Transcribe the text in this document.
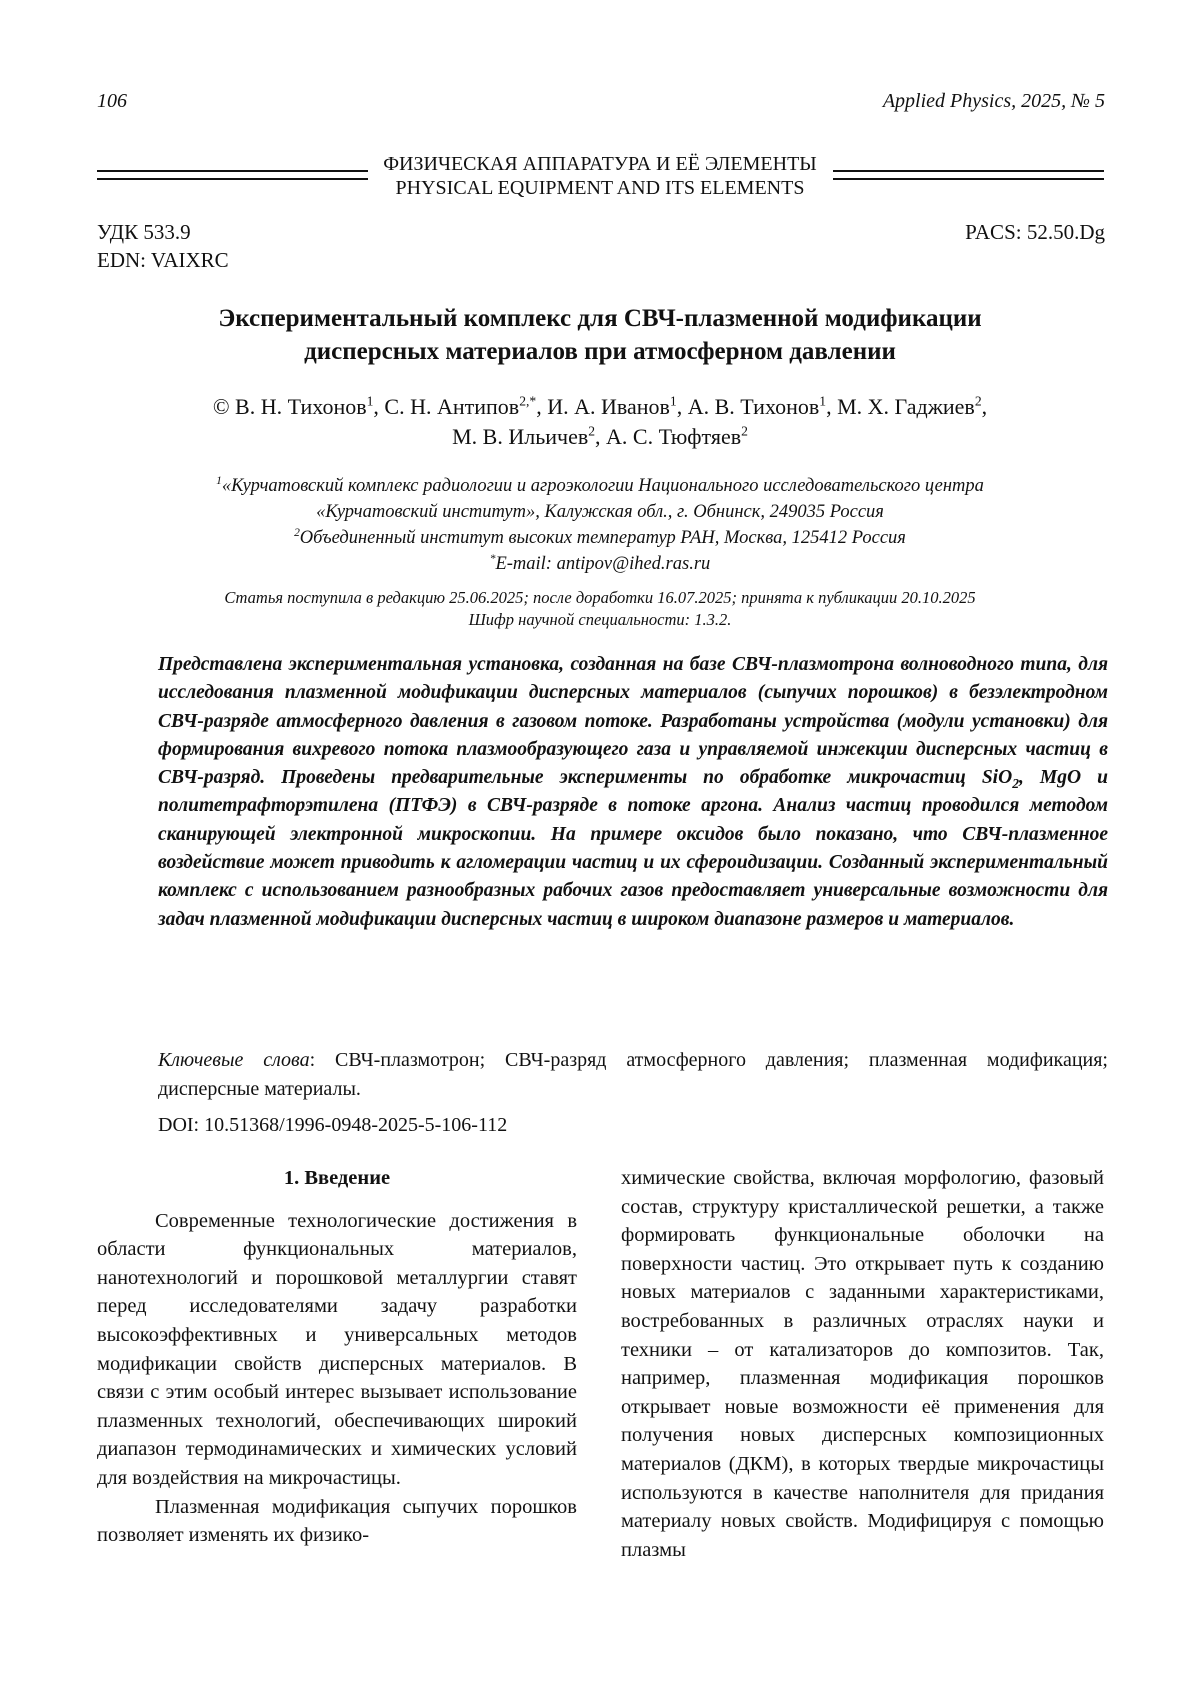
106	Applied Physics, 2025, № 5
ФИЗИЧЕСКАЯ АППАРАТУРА И ЕЁ ЭЛЕМЕНТЫ
PHYSICAL EQUIPMENT AND ITS ELEMENTS
УДК 533.9
EDN: VAIXRC
PACS: 52.50.Dg
Экспериментальный комплекс для СВЧ-плазменной модификации
дисперсных материалов при атмосферном давлении
© В. Н. Тихонов1, С. Н. Антипов2,*, И. А. Иванов1, А. В. Тихонов1, М. Х. Гаджиев2,
М. В. Ильичев2, А. С. Тюфтяев2
1«Курчатовский комплекс радиологии и агроэкологии Национального исследовательского центра
«Курчатовский институт», Калужская обл., г. Обнинск, 249035 Россия
2Объединенный институт высоких температур РАН, Москва, 125412 Россия
*E-mail: antipov@ihed.ras.ru
Статья поступила в редакцию 25.06.2025; после доработки 16.07.2025; принята к публикации 20.10.2025
Шифр научной специальности: 1.3.2.
Представлена экспериментальная установка, созданная на базе СВЧ-плазмотрона волноводного типа, для исследования плазменной модификации дисперсных материалов (сыпучих порошков) в безэлектродном СВЧ-разряде атмосферного давления в газовом потоке. Разработаны устройства (модули установки) для формирования вихревого потока плазмообразующего газа и управляемой инжекции дисперсных частиц в СВЧ-разряд. Проведены предварительные эксперименты по обработке микрочастиц SiO2, MgO и политетрафторэтилена (ПТФЭ) в СВЧ-разряде в потоке аргона. Анализ частиц проводился методом сканирующей электронной микроскопии. На примере оксидов было показано, что СВЧ-плазменное воздействие может приводить к агломерации частиц и их сфероидизации. Созданный экспериментальный комплекс с использованием разнообразных рабочих газов предоставляет универсальные возможности для задач плазменной модификации дисперсных частиц в широком диапазоне размеров и материалов.
Ключевые слова: СВЧ-плазмотрон; СВЧ-разряд атмосферного давления; плазменная модификация; дисперсные материалы.
DOI: 10.51368/1996-0948-2025-5-106-112

1. Введение

Современные технологические достижения в области функциональных материалов, нанотехнологий и порошковой металлургии ставят перед исследователями задачу разработки высокоэффективных и универсальных методов модификации свойств дисперсных материалов. В связи с этим особый интерес вызывает использование плазменных технологий, обеспечивающих широкий диапазон термодинамических и химических условий для воздействия на микрочастицы.

Плазменная модификация сыпучих порошков позволяет изменять их физико-

химические свойства, включая морфологию, фазовый состав, структуру кристаллической решетки, а также формировать функциональные оболочки на поверхности частиц. Это открывает путь к созданию новых материалов с заданными характеристиками, востребованных в различных отраслях науки и техники – от катализаторов до композитов. Так, например, плазменная модификация порошков открывает новые возможности её применения для получения новых дисперсных композиционных материалов (ДКМ), в которых твердые микрочастицы используются в качестве наполнителя для придания материалу новых свойств. Модифицируя с помощью плазмы
